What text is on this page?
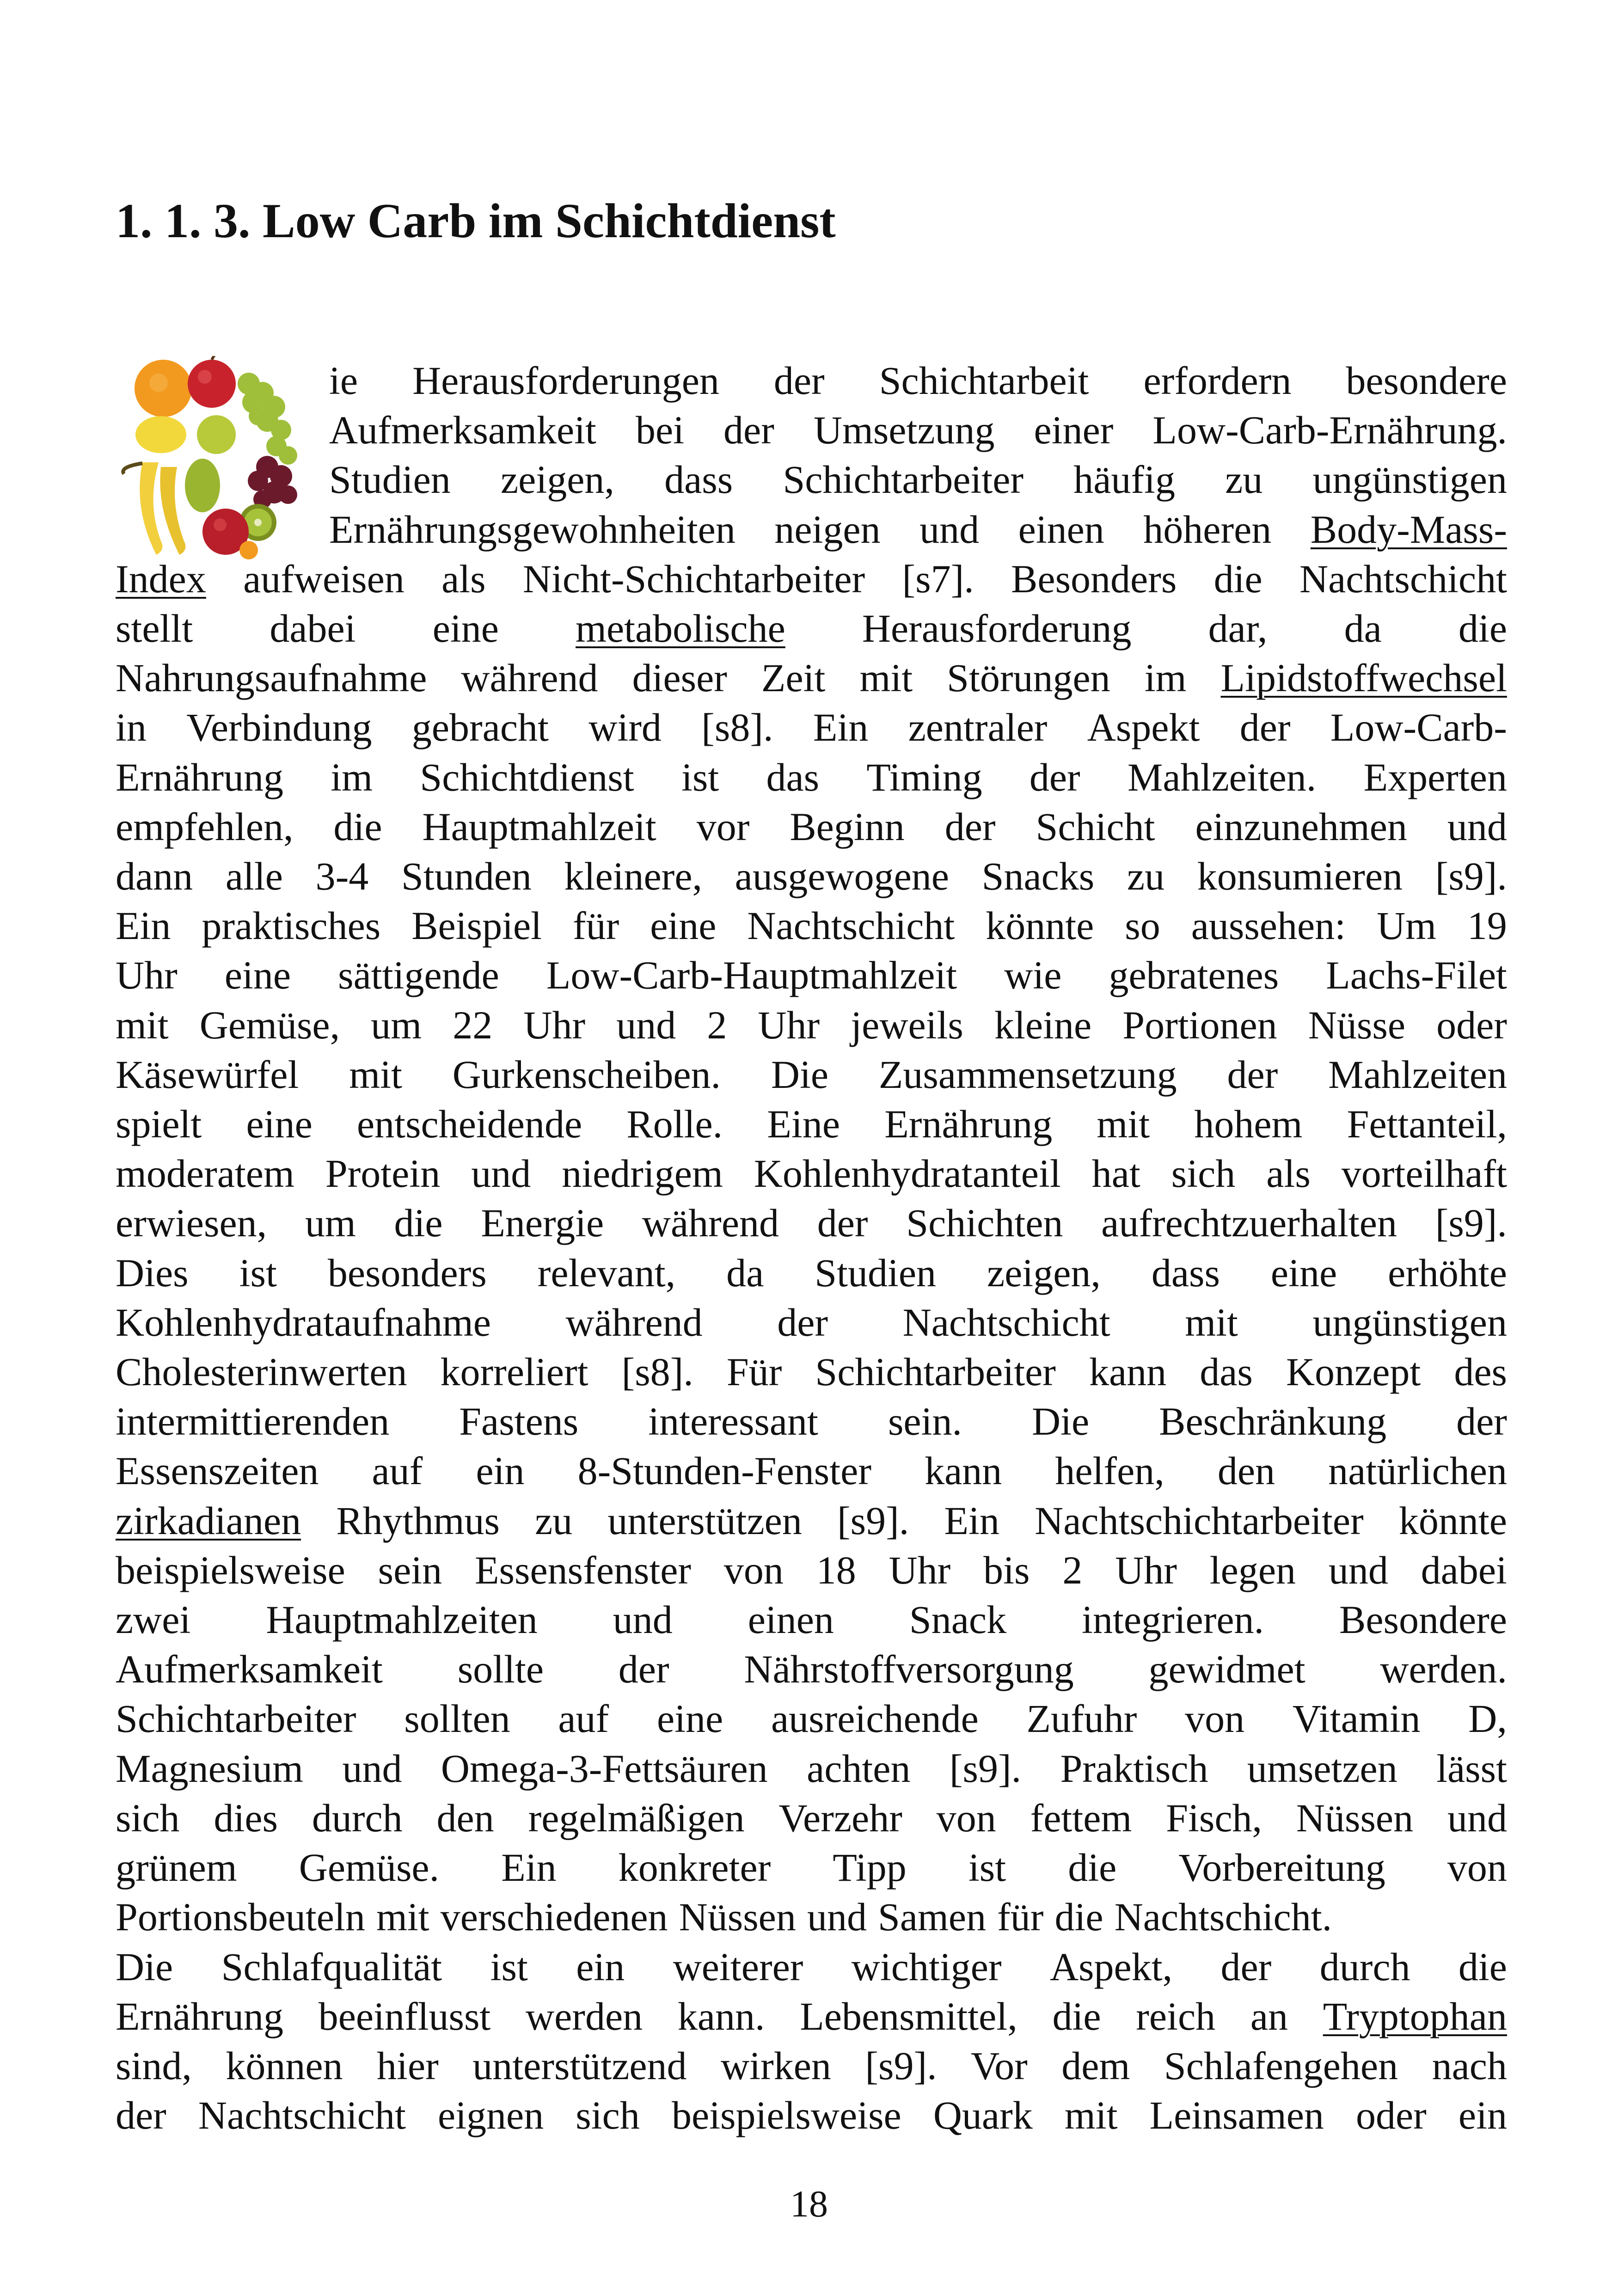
1. 1. 3. Low Carb im Schichtdienst
ie Herausforderungen der Schichtarbeit erfordern besondere
Aufmerksamkeit bei der Umsetzung einer Low-Carb-Ernährung.
Studien zeigen, dass Schichtarbeiter häufig zu ungünstigen
Ernährungsgewohnheiten neigen und einen höheren Body-Mass-
Index aufweisen als Nicht-Schichtarbeiter [s7]. Besonders die Nachtschicht
stellt dabei eine metabolische Herausforderung dar, da die
Nahrungsaufnahme während dieser Zeit mit Störungen im Lipidstoffwechsel
in Verbindung gebracht wird [s8]. Ein zentraler Aspekt der Low-Carb-
Ernährung im Schichtdienst ist das Timing der Mahlzeiten. Experten
empfehlen, die Hauptmahlzeit vor Beginn der Schicht einzunehmen und
dann alle 3-4 Stunden kleinere, ausgewogene Snacks zu konsumieren [s9].
Ein praktisches Beispiel für eine Nachtschicht könnte so aussehen: Um 19
Uhr eine sättigende Low-Carb-Hauptmahlzeit wie gebratenes Lachs-Filet
mit Gemüse, um 22 Uhr und 2 Uhr jeweils kleine Portionen Nüsse oder
Käsewürfel mit Gurkenscheiben. Die Zusammensetzung der Mahlzeiten
spielt eine entscheidende Rolle. Eine Ernährung mit hohem Fettanteil,
moderatem Protein und niedrigem Kohlenhydratanteil hat sich als vorteilhaft
erwiesen, um die Energie während der Schichten aufrechtzuerhalten [s9].
Dies ist besonders relevant, da Studien zeigen, dass eine erhöhte
Kohlenhydrataufnahme während der Nachtschicht mit ungünstigen
Cholesterinwerten korreliert [s8]. Für Schichtarbeiter kann das Konzept des
intermittierenden Fastens interessant sein. Die Beschränkung der
Essenszeiten auf ein 8-Stunden-Fenster kann helfen, den natürlichen
zirkadianen Rhythmus zu unterstützen [s9]. Ein Nachtschichtarbeiter könnte
beispielsweise sein Essensfenster von 18 Uhr bis 2 Uhr legen und dabei
zwei Hauptmahlzeiten und einen Snack integrieren. Besondere
Aufmerksamkeit sollte der Nährstoffversorgung gewidmet werden.
Schichtarbeiter sollten auf eine ausreichende Zufuhr von Vitamin D,
Magnesium und Omega-3-Fettsäuren achten [s9]. Praktisch umsetzen lässt
sich dies durch den regelmäßigen Verzehr von fettem Fisch, Nüssen und
grünem Gemüse. Ein konkreter Tipp ist die Vorbereitung von
Portionsbeuteln mit verschiedenen Nüssen und Samen für die Nachtschicht.
Die Schlafqualität ist ein weiterer wichtiger Aspekt, der durch die
Ernährung beeinflusst werden kann. Lebensmittel, die reich an Tryptophan
sind, können hier unterstützend wirken [s9]. Vor dem Schlafengehen nach
der Nachtschicht eignen sich beispielsweise Quark mit Leinsamen oder ein
18
